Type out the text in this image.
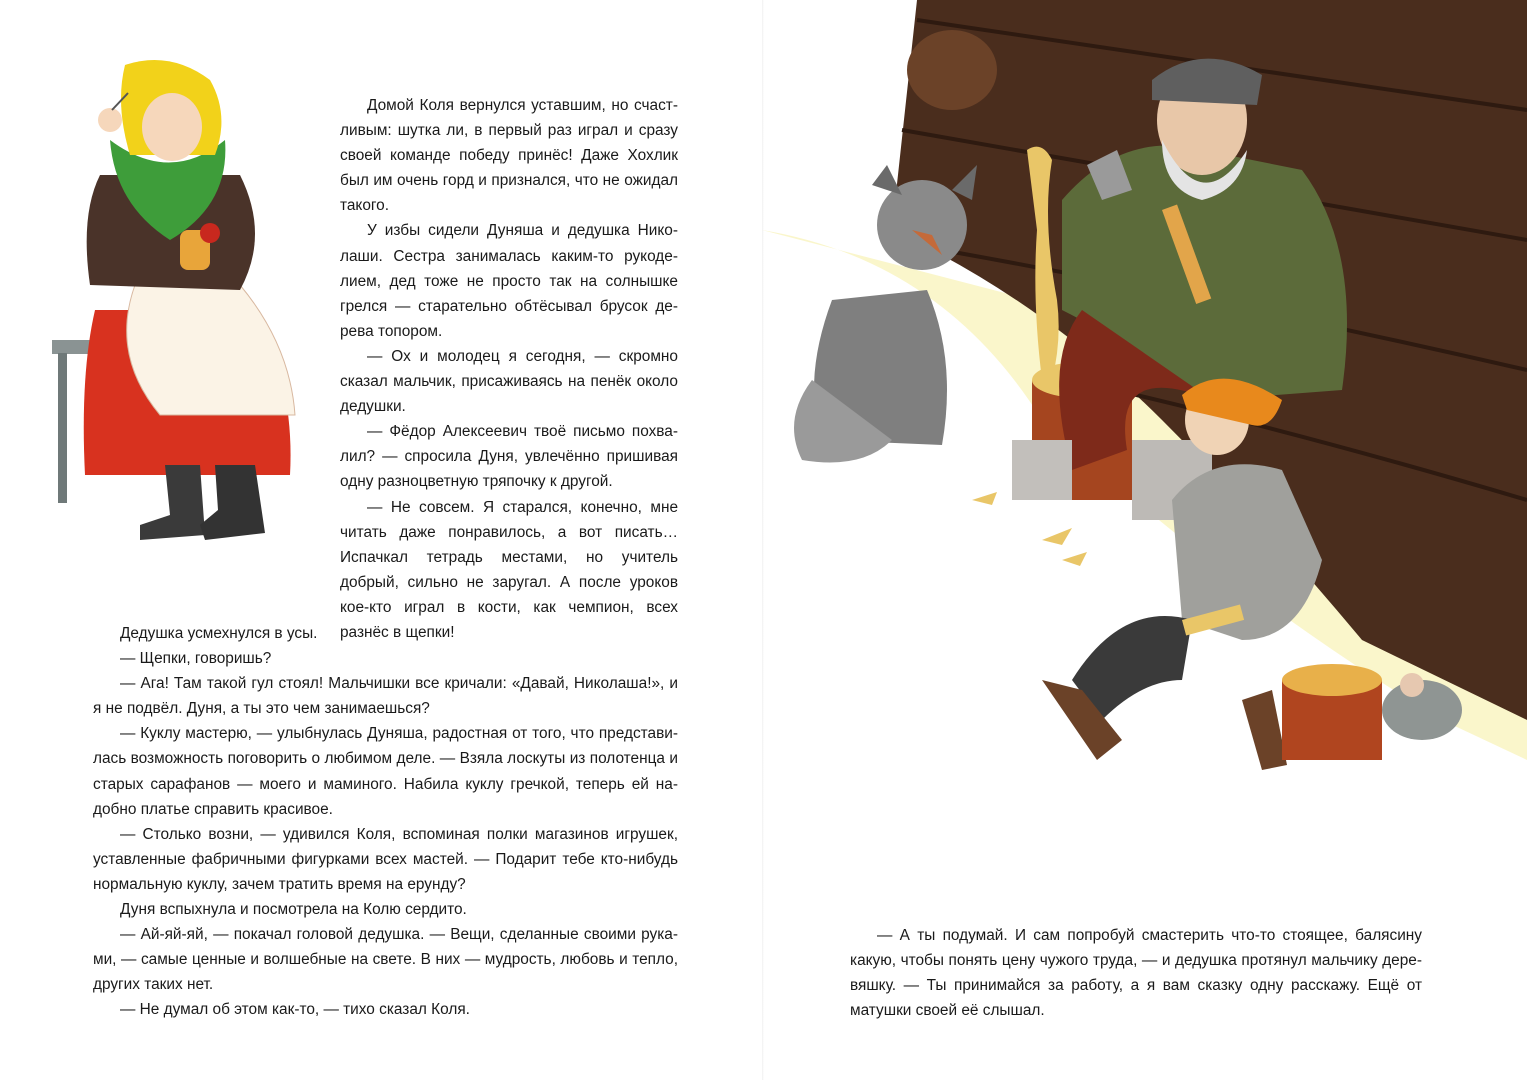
Домой Коля вернулся уставшим, но счастливым: шутка ли, в первый раз играл и сразу своей команде победу принёс! Даже Хохлик был им очень горд и признался, что не ожидал такого.

У избы сидели Дуняша и дедушка Николаши. Сестра занималась каким-то рукоделием, дед тоже не просто так на солнышке грелся — старательно обтёсывал брусок дерева топором.

— Ох и молодец я сегодня, — скромно сказал мальчик, присаживаясь на пенёк около дедушки.

— Фёдор Алексеевич твоё письмо похвалил? — спросила Дуня, увлечённо пришивая одну разноцветную тряпочку к другой.

— Не совсем. Я старался, конечно, мне читать даже понравилось, а вот писать… Испачкал тетрадь местами, но учитель добрый, сильно не заругал. А после уроков кое-кто играл в кости, как чемпион, всех разнёс в щепки!

Дедушка усмехнулся в усы.

— Щепки, говоришь?

— Ага! Там такой гул стоял! Мальчишки все кричали: «Давай, Николаша!», и я не подвёл. Дуня, а ты это чем занимаешься?

— Куклу мастерю, — улыбнулась Дуняша, радостная от того, что представилась возможность поговорить о любимом деле. — Взяла лоскуты из полотенца и старых сарафанов — моего и маминого. Набила куклу гречкой, теперь ей надобно платье справить красивое.

— Столько возни, — удивился Коля, вспоминая полки магазинов игрушек, уставленные фабричными фигурками всех мастей. — Подарит тебе кто-нибудь нормальную куклу, зачем тратить время на ерунду?

Дуня вспыхнула и посмотрела на Колю сердито.

— Ай-яй-яй, — покачал головой дедушка. — Вещи, сделанные своими руками, — самые ценные и волшебные на свете. В них — мудрость, любовь и тепло, других таких нет.

— Не думал об этом как-то, — тихо сказал Коля.

— А ты подумай. И сам попробуй смастерить что-то стоящее, балясину какую, чтобы понять цену чужого труда, — и дедушка протянул мальчику деревяшку. — Ты принимайся за работу, а я вам сказку одну расскажу. Ещё от матушки своей её слышал.
